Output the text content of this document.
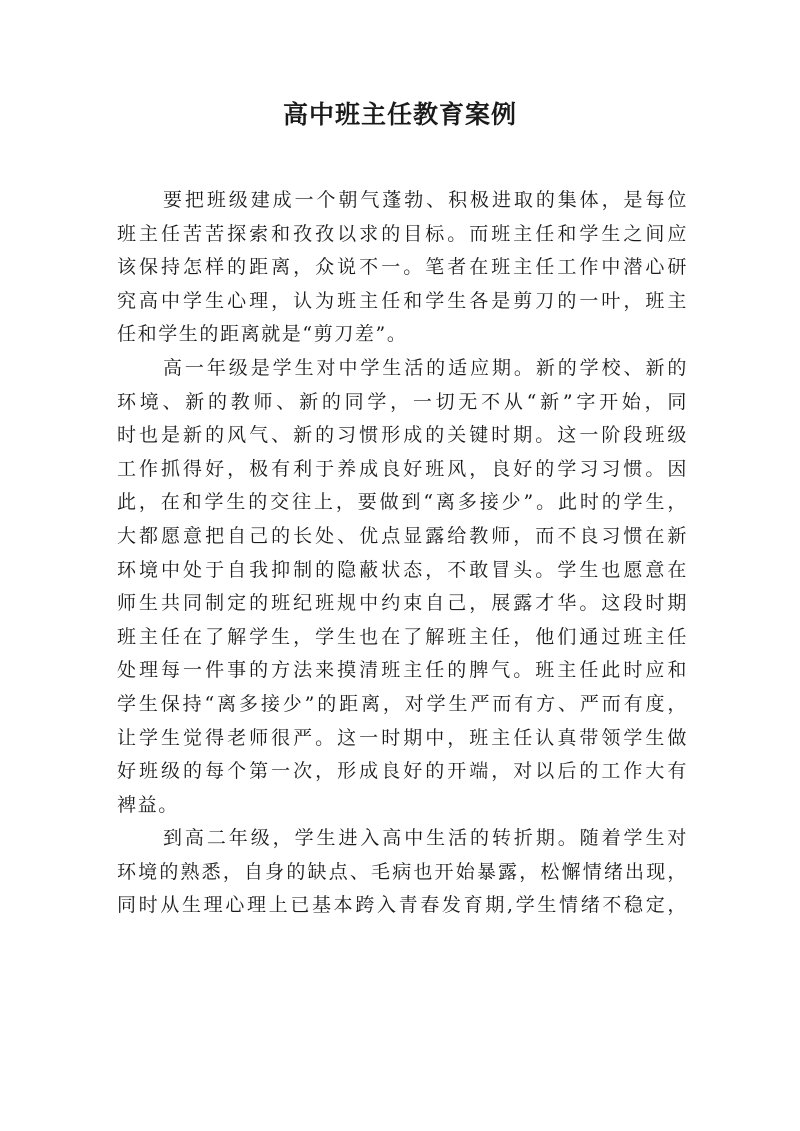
高中班主任教育案例
要把班级建成一个朝气蓬勃、积极进取的集体，是每位
班主任苦苦探索和孜孜以求的目标。而班主任和学生之间应
该保持怎样的距离，众说不一。笔者在班主任工作中潜心研
究高中学生心理，认为班主任和学生各是剪刀的一叶，班主
任和学生的距离就是“剪刀差”。
高一年级是学生对中学生活的适应期。新的学校、新的
环境、新的教师、新的同学，一切无不从“新”字开始，同
时也是新的风气、新的习惯形成的关键时期。这一阶段班级
工作抓得好，极有利于养成良好班风，良好的学习习惯。因
此，在和学生的交往上，要做到“离多接少”。此时的学生，
大都愿意把自己的长处、优点显露给教师，而不良习惯在新
环境中处于自我抑制的隐蔽状态，不敢冒头。学生也愿意在
师生共同制定的班纪班规中约束自己，展露才华。这段时期
班主任在了解学生，学生也在了解班主任，他们通过班主任
处理每一件事的方法来摸清班主任的脾气。班主任此时应和
学生保持“离多接少”的距离，对学生严而有方、严而有度，
让学生觉得老师很严。这一时期中，班主任认真带领学生做
好班级的每个第一次，形成良好的开端，对以后的工作大有
裨益。
到高二年级，学生进入高中生活的转折期。随着学生对
环境的熟悉，自身的缺点、毛病也开始暴露，松懈情绪出现，
同时从生理心理上已基本跨入青春发育期,学生情绪不稳定，
